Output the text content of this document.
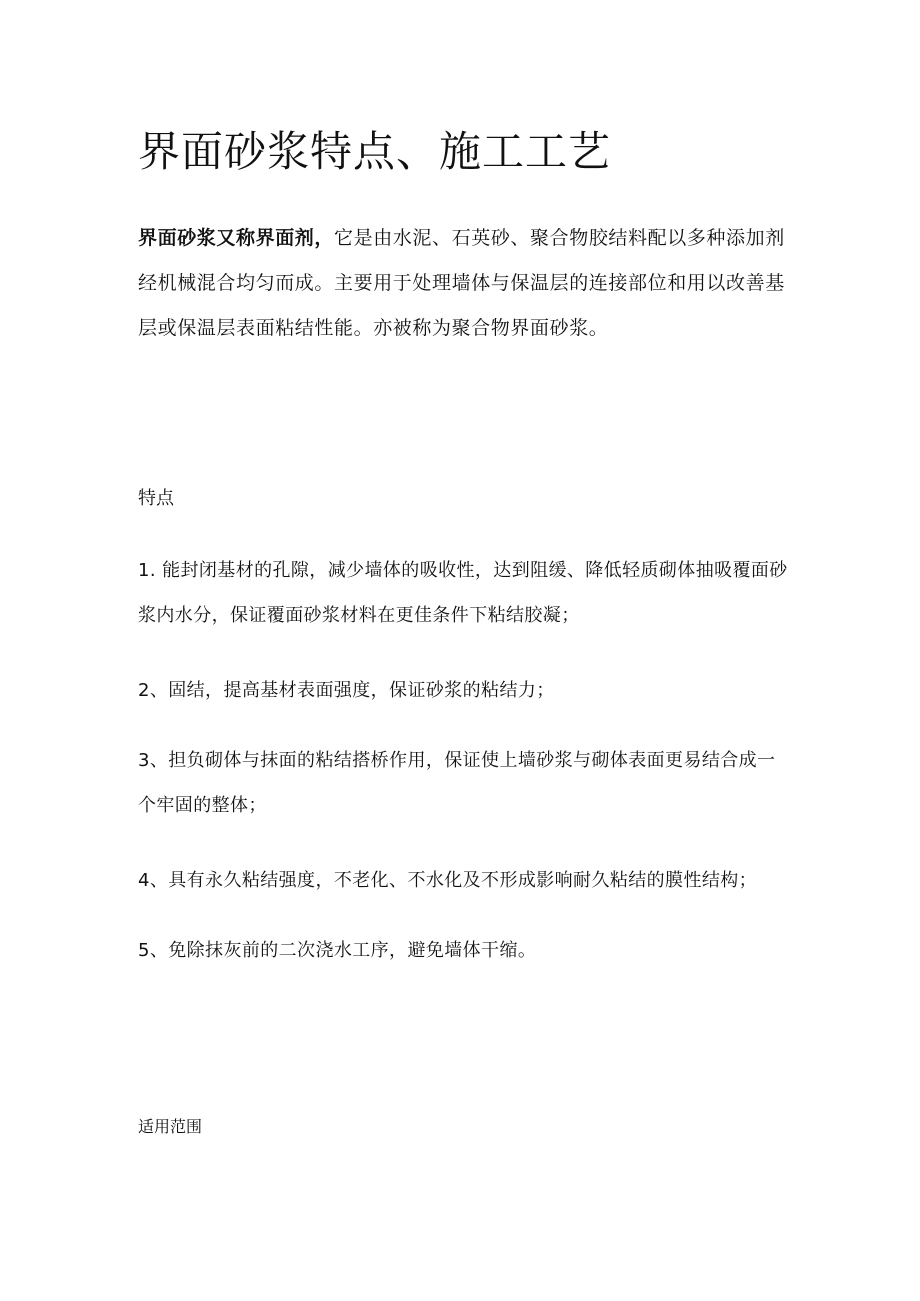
界面砂浆特点、施工工艺

界面砂浆又称界面剂，它是由水泥、石英砂、聚合物胶结料配以多种添加剂经机械混合均匀而成。主要用于处理墙体与保温层的连接部位和用以改善基层或保温层表面粘结性能。亦被称为聚合物界面砂浆。

特点

1. 能封闭基材的孔隙，减少墙体的吸收性，达到阻缓、降低轻质砌体抽吸覆面砂浆内水分，保证覆面砂浆材料在更佳条件下粘结胶凝；

2、固结，提高基材表面强度，保证砂浆的粘结力；

3、担负砌体与抹面的粘结搭桥作用，保证使上墙砂浆与砌体表面更易结合成一个牢固的整体；

4、具有永久粘结强度，不老化、不水化及不形成影响耐久粘结的膜性结构；

5、免除抹灰前的二次浇水工序，避免墙体干缩。

适用范围
